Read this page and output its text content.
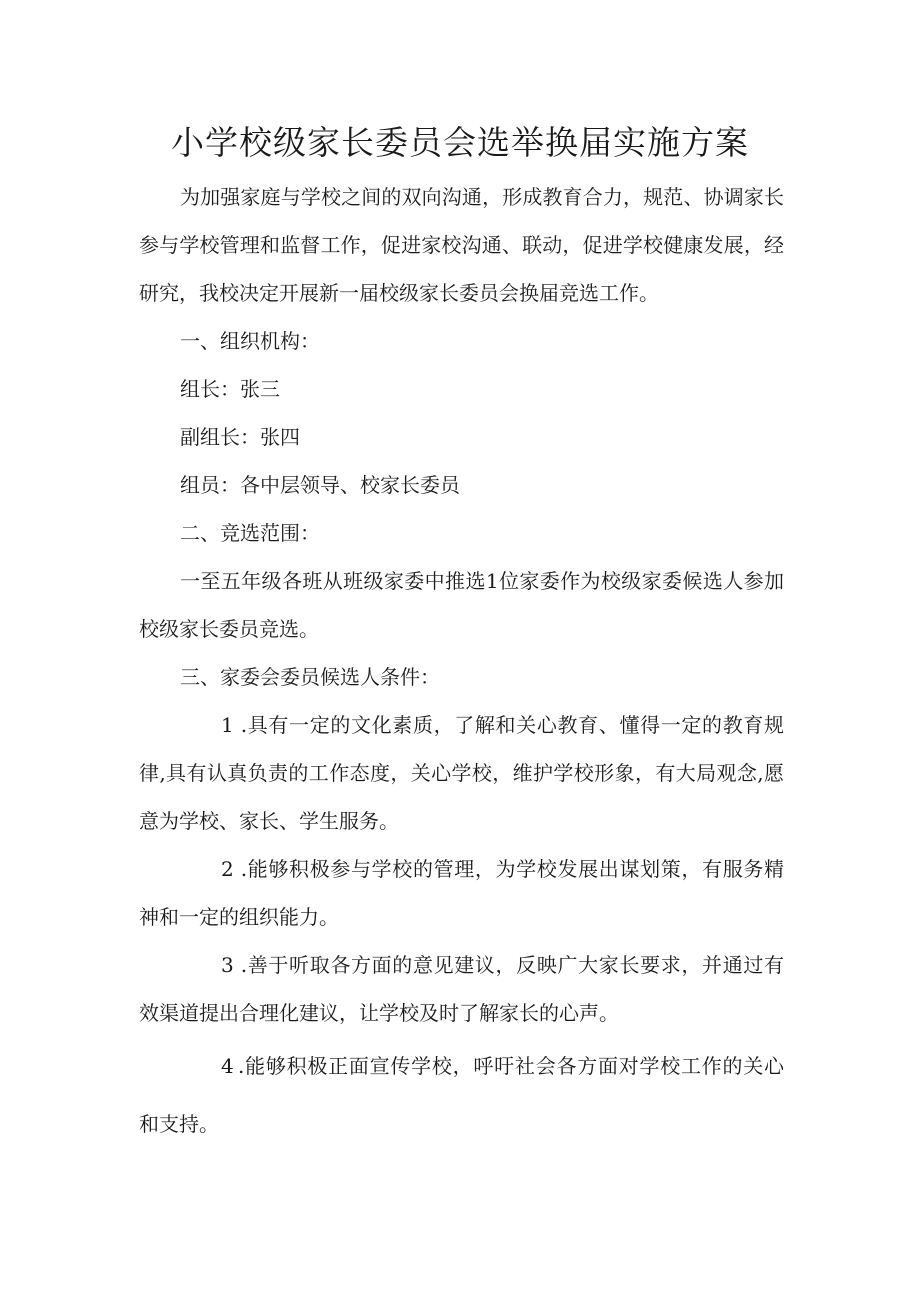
小学校级家长委员会选举换届实施方案

为加强家庭与学校之间的双向沟通，形成教育合力，规范、协调家长参与学校管理和监督工作，促进家校沟通、联动，促进学校健康发展，经研究，我校决定开展新一届校级家长委员会换届竞选工作。

一、组织机构：

组长：张三

副组长：张四

组员：各中层领导、校家长委员

二、竞选范围：

一至五年级各班从班级家委中推选1位家委作为校级家委候选人参加校级家长委员竞选。

三、家委会委员候选人条件：

1 .具有一定的文化素质，了解和关心教育、懂得一定的教育规律,具有认真负责的工作态度，关心学校，维护学校形象，有大局观念,愿意为学校、家长、学生服务。

2 .能够积极参与学校的管理，为学校发展出谋划策，有服务精神和一定的组织能力。

3 .善于听取各方面的意见建议，反映广大家长要求，并通过有效渠道提出合理化建议，让学校及时了解家长的心声。

4 .能够积极正面宣传学校，呼吁社会各方面对学校工作的关心和支持。
